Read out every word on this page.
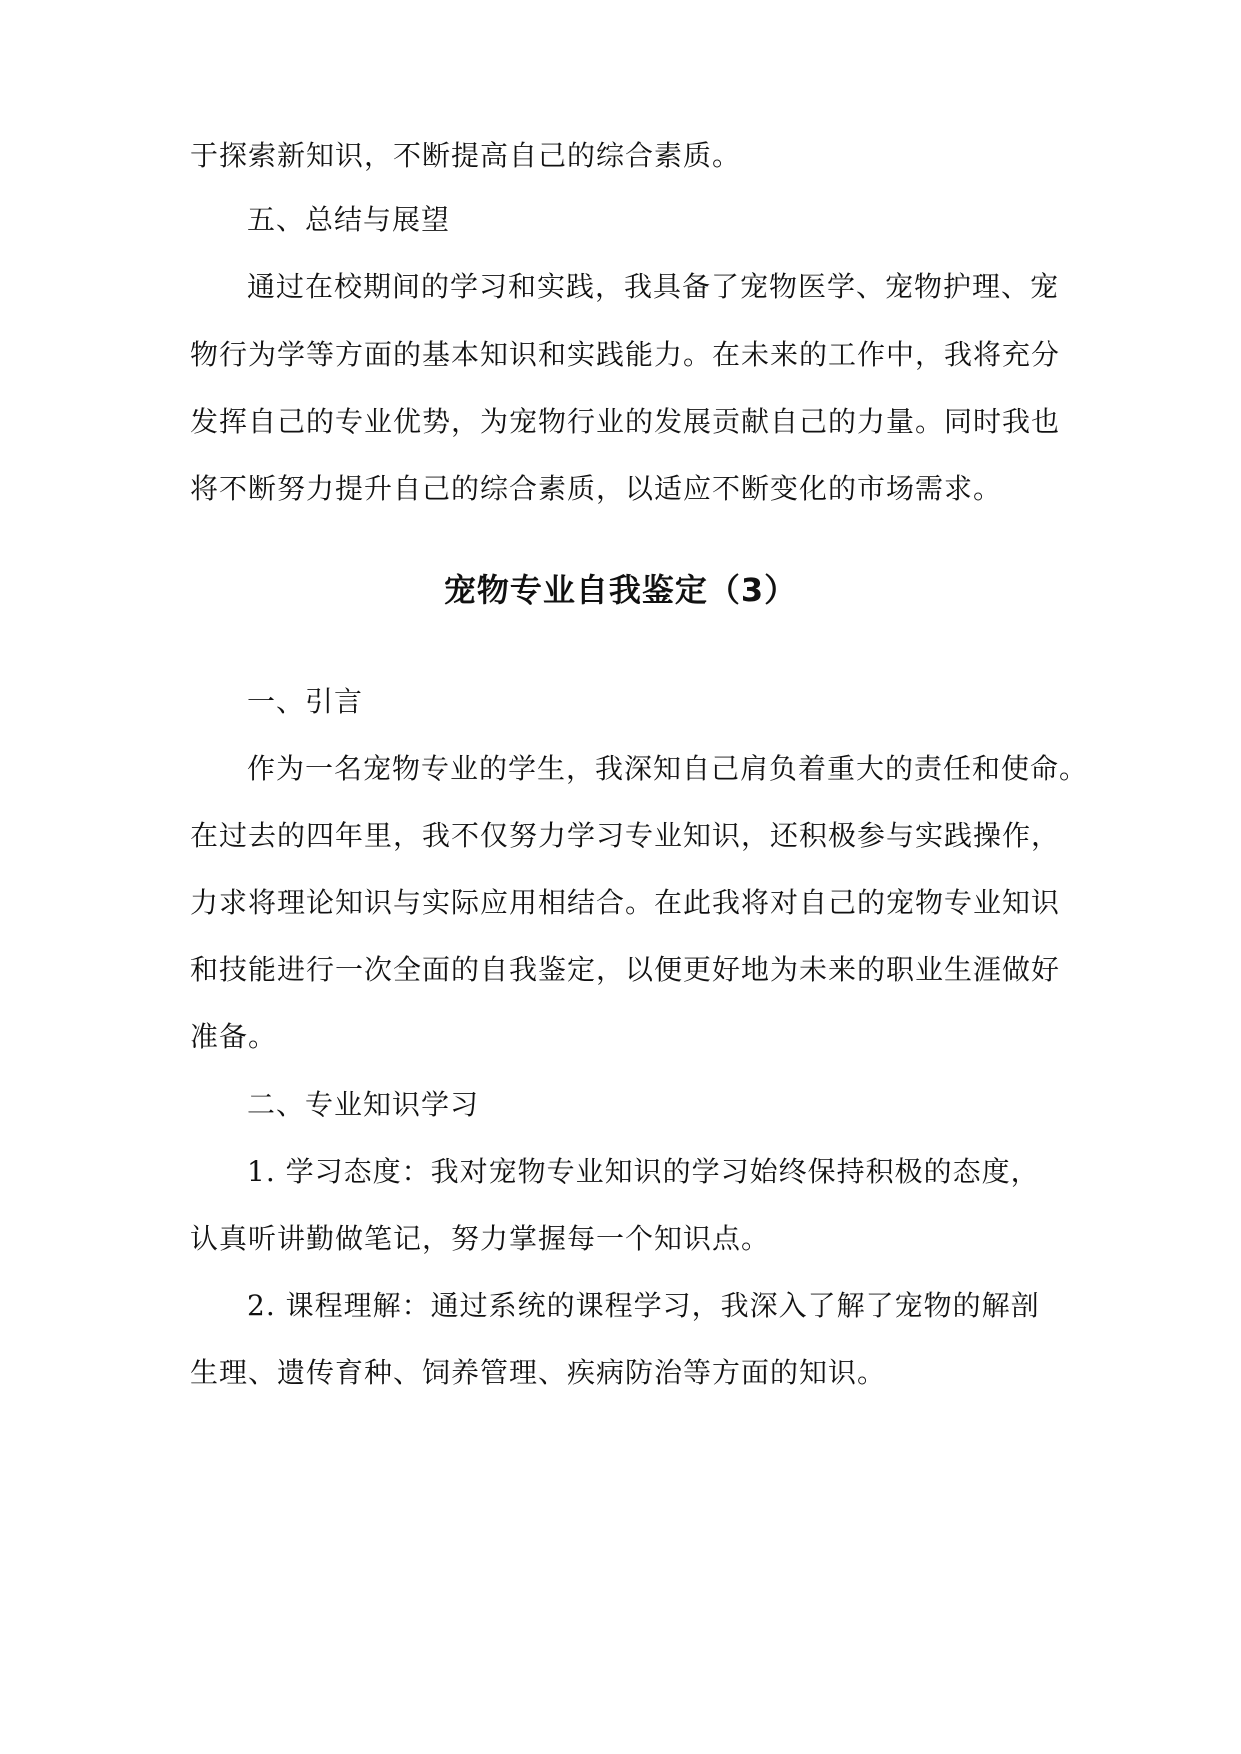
于探索新知识，不断提高自己的综合素质。
五、总结与展望
通过在校期间的学习和实践，我具备了宠物医学、宠物护理、宠
物行为学等方面的基本知识和实践能力。在未来的工作中，我将充分
发挥自己的专业优势，为宠物行业的发展贡献自己的力量。同时我也
将不断努力提升自己的综合素质，以适应不断变化的市场需求。
宠物专业自我鉴定（3）
一、引言
作为一名宠物专业的学生，我深知自己肩负着重大的责任和使命。
在过去的四年里，我不仅努力学习专业知识，还积极参与实践操作，
力求将理论知识与实际应用相结合。在此我将对自己的宠物专业知识
和技能进行一次全面的自我鉴定，以便更好地为未来的职业生涯做好
准备。
二、专业知识学习
1. 学习态度：我对宠物专业知识的学习始终保持积极的态度，
认真听讲勤做笔记，努力掌握每一个知识点。
2. 课程理解：通过系统的课程学习，我深入了解了宠物的解剖
生理、遗传育种、饲养管理、疾病防治等方面的知识。
